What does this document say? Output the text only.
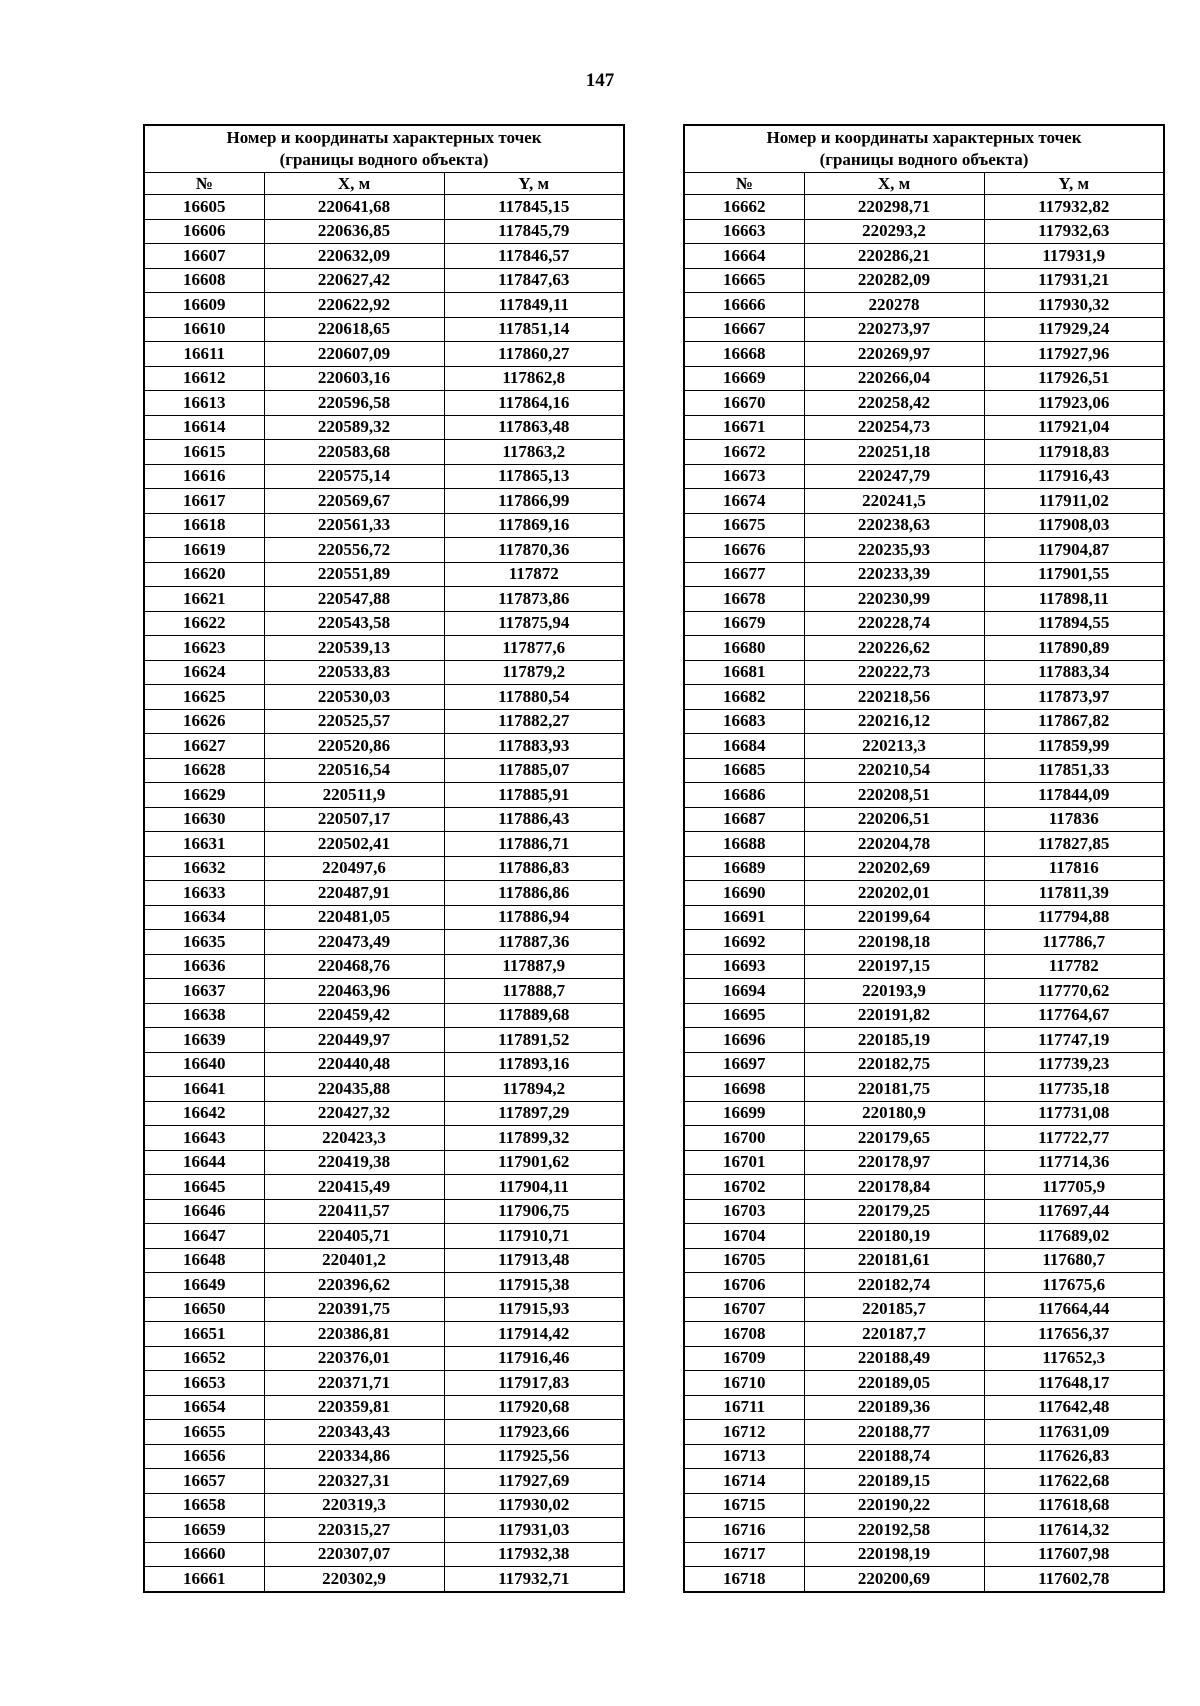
147
Номер и координаты характерных точек
(границы водного объекта)		
№	X, м	Y, м
16605	220641,68	117845,15
16606	220636,85	117845,79
16607	220632,09	117846,57
16608	220627,42	117847,63
16609	220622,92	117849,11
16610	220618,65	117851,14
16611	220607,09	117860,27
16612	220603,16	117862,8
16613	220596,58	117864,16
16614	220589,32	117863,48
16615	220583,68	117863,2
16616	220575,14	117865,13
16617	220569,67	117866,99
16618	220561,33	117869,16
16619	220556,72	117870,36
16620	220551,89	117872
16621	220547,88	117873,86
16622	220543,58	117875,94
16623	220539,13	117877,6
16624	220533,83	117879,2
16625	220530,03	117880,54
16626	220525,57	117882,27
16627	220520,86	117883,93
16628	220516,54	117885,07
16629	220511,9	117885,91
16630	220507,17	117886,43
16631	220502,41	117886,71
16632	220497,6	117886,83
16633	220487,91	117886,86
16634	220481,05	117886,94
16635	220473,49	117887,36
16636	220468,76	117887,9
16637	220463,96	117888,7
16638	220459,42	117889,68
16639	220449,97	117891,52
16640	220440,48	117893,16
16641	220435,88	117894,2
16642	220427,32	117897,29
16643	220423,3	117899,32
16644	220419,38	117901,62
16645	220415,49	117904,11
16646	220411,57	117906,75
16647	220405,71	117910,71
16648	220401,2	117913,48
16649	220396,62	117915,38
16650	220391,75	117915,93
16651	220386,81	117914,42
16652	220376,01	117916,46
16653	220371,71	117917,83
16654	220359,81	117920,68
16655	220343,43	117923,66
16656	220334,86	117925,56
16657	220327,31	117927,69
16658	220319,3	117930,02
16659	220315,27	117931,03
16660	220307,07	117932,38
16661	220302,9	117932,71
Номер и координаты характерных точек
(границы водного объекта)		
№	X, м	Y, м
16662	220298,71	117932,82
16663	220293,2	117932,63
16664	220286,21	117931,9
16665	220282,09	117931,21
16666	220278	117930,32
16667	220273,97	117929,24
16668	220269,97	117927,96
16669	220266,04	117926,51
16670	220258,42	117923,06
16671	220254,73	117921,04
16672	220251,18	117918,83
16673	220247,79	117916,43
16674	220241,5	117911,02
16675	220238,63	117908,03
16676	220235,93	117904,87
16677	220233,39	117901,55
16678	220230,99	117898,11
16679	220228,74	117894,55
16680	220226,62	117890,89
16681	220222,73	117883,34
16682	220218,56	117873,97
16683	220216,12	117867,82
16684	220213,3	117859,99
16685	220210,54	117851,33
16686	220208,51	117844,09
16687	220206,51	117836
16688	220204,78	117827,85
16689	220202,69	117816
16690	220202,01	117811,39
16691	220199,64	117794,88
16692	220198,18	117786,7
16693	220197,15	117782
16694	220193,9	117770,62
16695	220191,82	117764,67
16696	220185,19	117747,19
16697	220182,75	117739,23
16698	220181,75	117735,18
16699	220180,9	117731,08
16700	220179,65	117722,77
16701	220178,97	117714,36
16702	220178,84	117705,9
16703	220179,25	117697,44
16704	220180,19	117689,02
16705	220181,61	117680,7
16706	220182,74	117675,6
16707	220185,7	117664,44
16708	220187,7	117656,37
16709	220188,49	117652,3
16710	220189,05	117648,17
16711	220189,36	117642,48
16712	220188,77	117631,09
16713	220188,74	117626,83
16714	220189,15	117622,68
16715	220190,22	117618,68
16716	220192,58	117614,32
16717	220198,19	117607,98
16718	220200,69	117602,78
